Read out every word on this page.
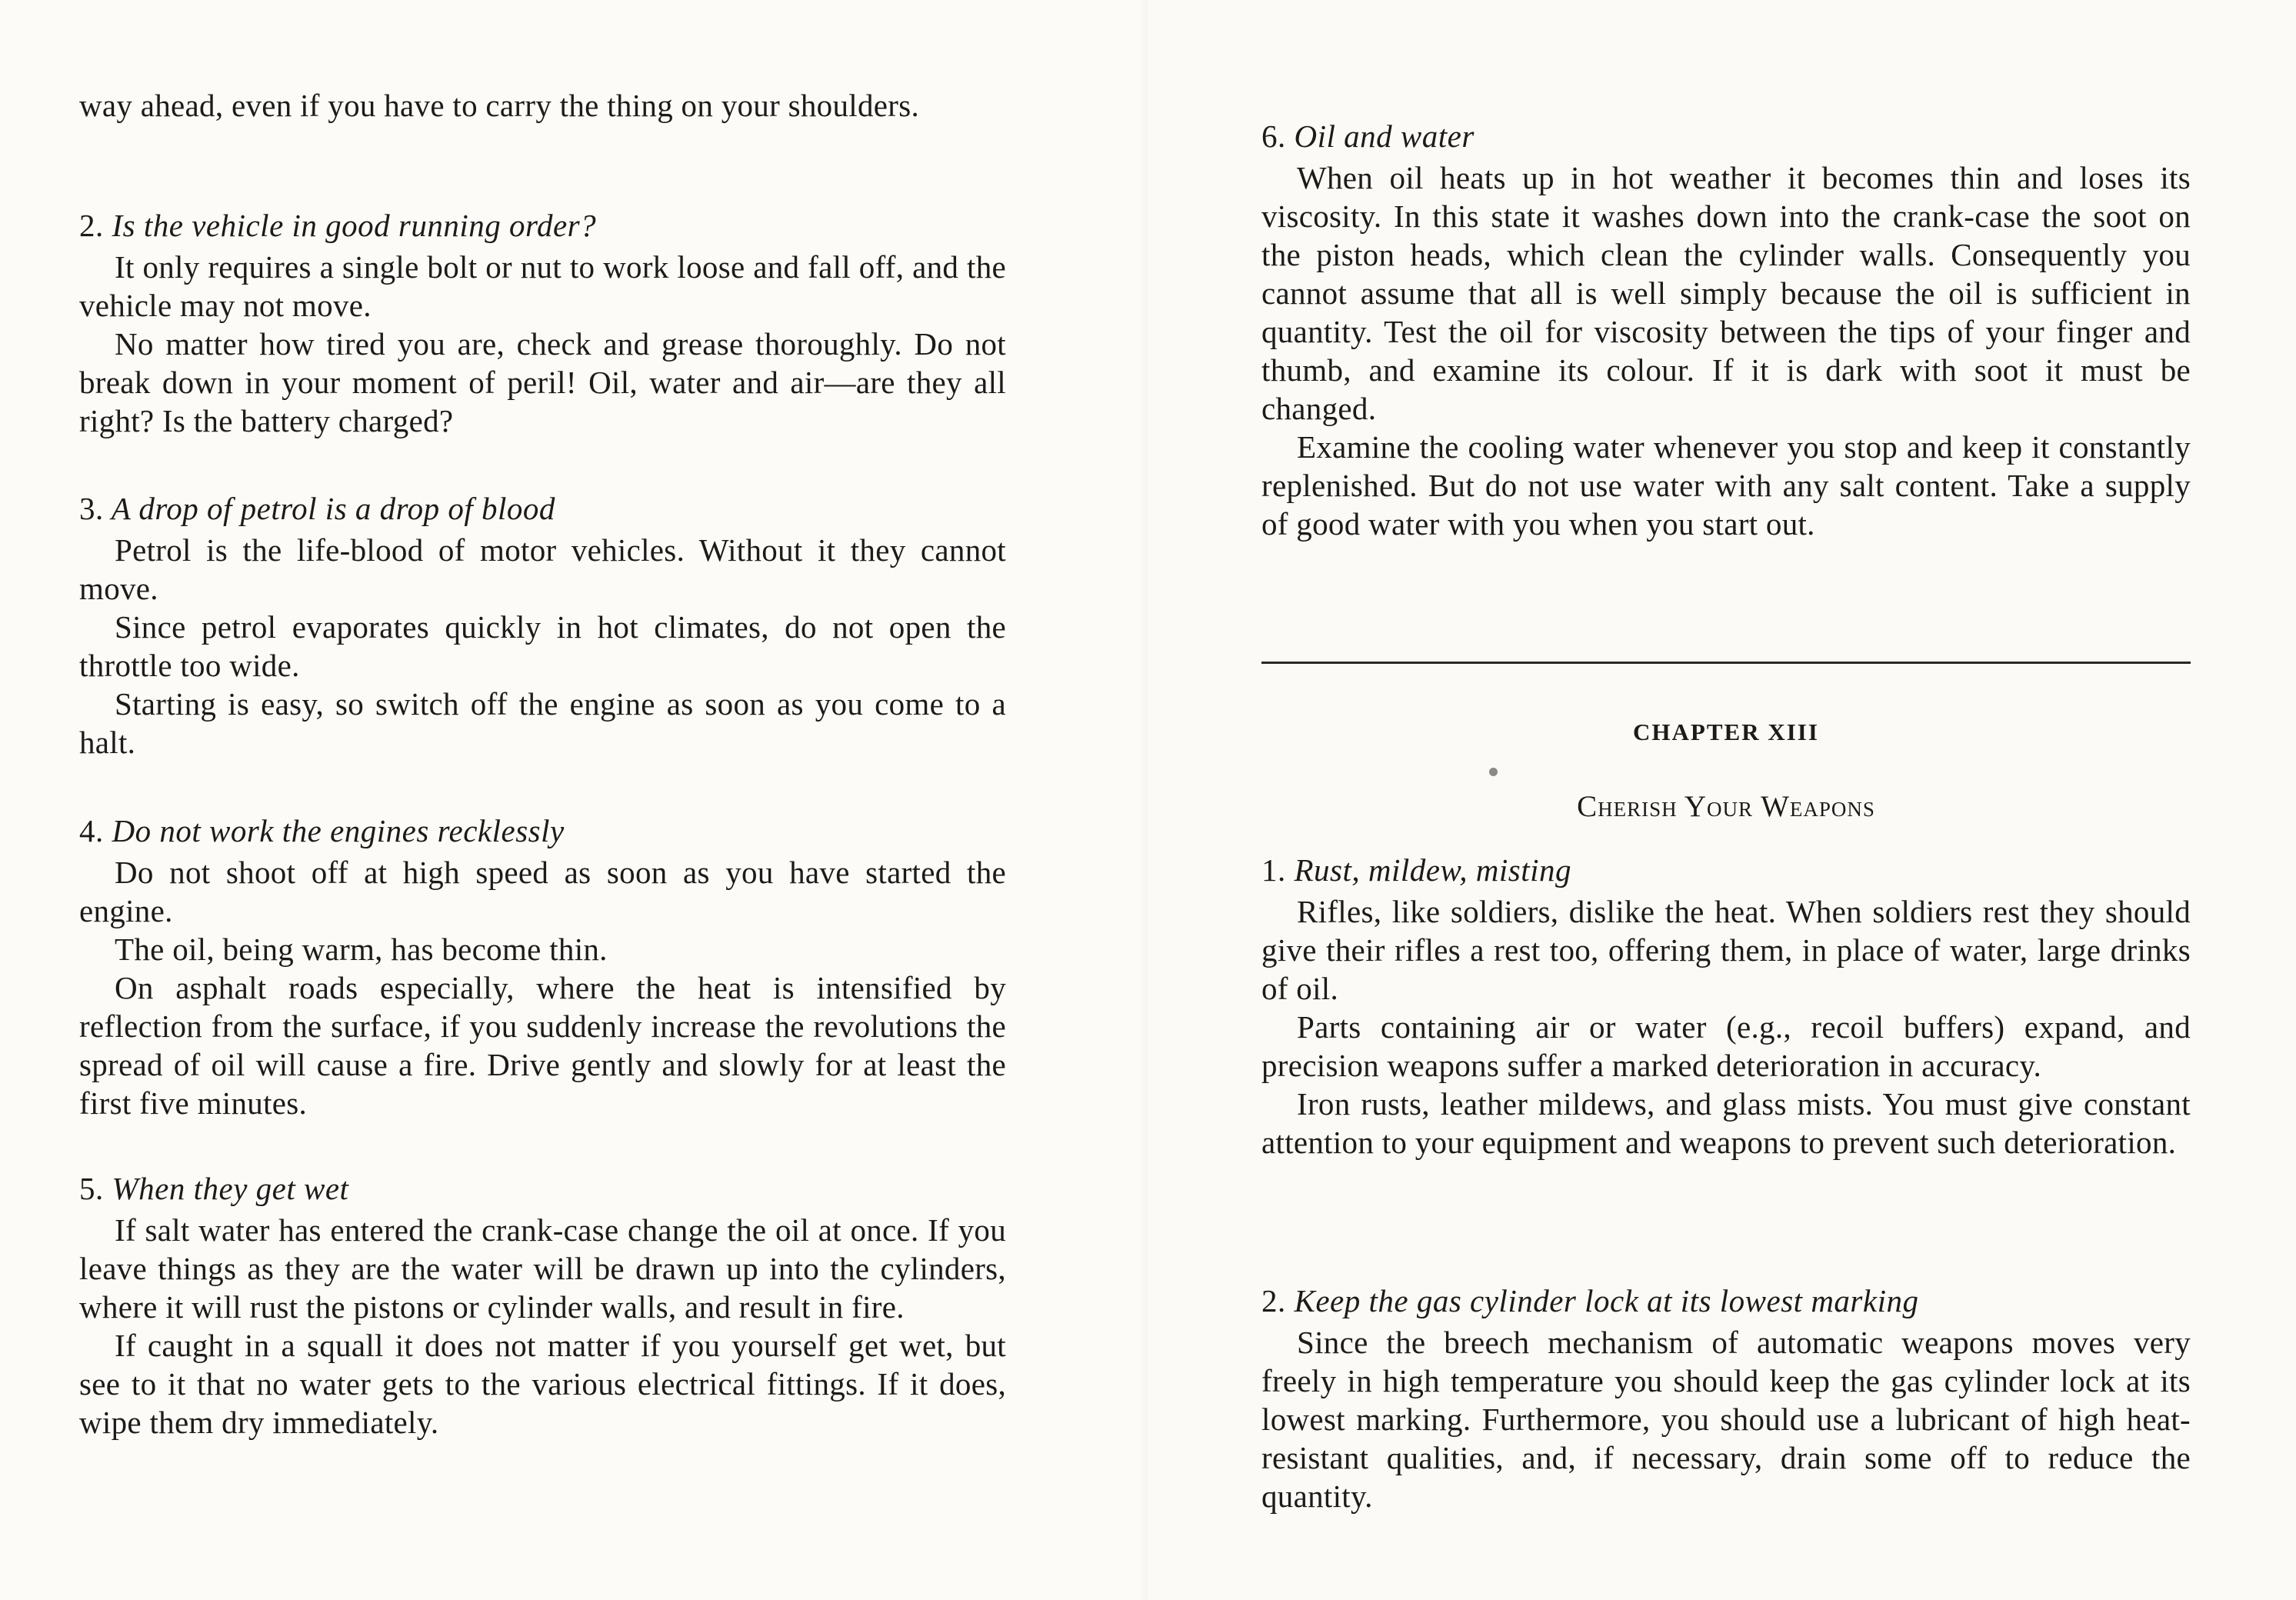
way ahead, even if you have to carry the thing on your shoulders.

2. Is the vehicle in good running order?

It only requires a single bolt or nut to work loose and fall off, and the vehicle may not move.

No matter how tired you are, check and grease thoroughly. Do not break down in your moment of peril! Oil, water and air—are they all right? Is the battery charged?

3. A drop of petrol is a drop of blood

Petrol is the life-blood of motor vehicles. Without it they cannot move.

Since petrol evaporates quickly in hot climates, do not open the throttle too wide.

Starting is easy, so switch off the engine as soon as you come to a halt.

4. Do not work the engines recklessly

Do not shoot off at high speed as soon as you have started the engine.

The oil, being warm, has become thin.

On asphalt roads especially, where the heat is intensified by reflection from the surface, if you suddenly increase the revolutions the spread of oil will cause a fire. Drive gently and slowly for at least the first five minutes.

5. When they get wet

If salt water has entered the crank-case change the oil at once. If you leave things as they are the water will be drawn up into the cylinders, where it will rust the pistons or cylinder walls, and result in fire.

If caught in a squall it does not matter if you yourself get wet, but see to it that no water gets to the various electrical fittings. If it does, wipe them dry immediately.

6. Oil and water

When oil heats up in hot weather it becomes thin and loses its viscosity. In this state it washes down into the crank-case the soot on the piston heads, which clean the cylinder walls. Consequently you cannot assume that all is well simply because the oil is sufficient in quantity. Test the oil for viscosity between the tips of your finger and thumb, and examine its colour. If it is dark with soot it must be changed.

Examine the cooling water whenever you stop and keep it constantly replenished. But do not use water with any salt content. Take a supply of good water with you when you start out.

CHAPTER XIII
Cherish Your Weapons
1. Rust, mildew, misting

Rifles, like soldiers, dislike the heat. When soldiers rest they should give their rifles a rest too, offering them, in place of water, large drinks of oil.

Parts containing air or water (e.g., recoil buffers) expand, and precision weapons suffer a marked deterioration in accuracy.

Iron rusts, leather mildews, and glass mists. You must give constant attention to your equipment and weapons to prevent such deterioration.

2. Keep the gas cylinder lock at its lowest marking

Since the breech mechanism of automatic weapons moves very freely in high temperature you should keep the gas cylinder lock at its lowest marking. Furthermore, you should use a lubricant of high heat-resistant qualities, and, if necessary, drain some off to reduce the quantity.
